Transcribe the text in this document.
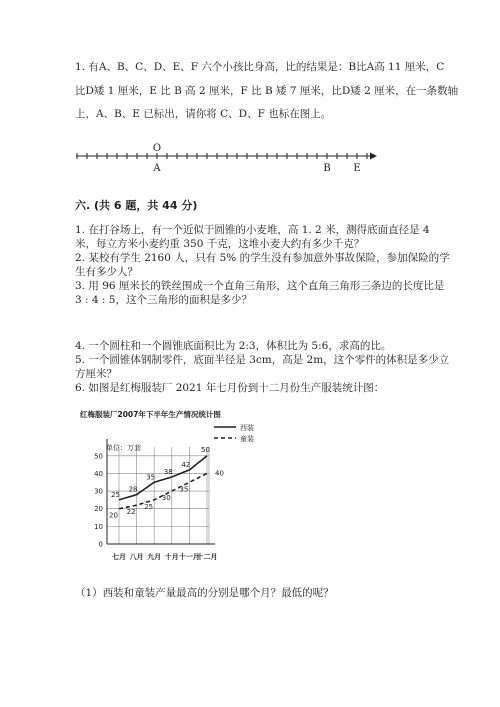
1. 有A、B、C、D、E、F 六个小孩比身高，比的结果是：B比A高 11 厘米，C
比D矮 1 厘米，E 比 B 高 2 厘米，F 比 B 矮 7 厘米，比D矮 2 厘米，在一条数轴
上，A、B、E 已标出，请你将 C、D、F 也标在图上。
O
A	B E
六. (共 6 题，共 44 分)
1. 在打谷场上，有一个近似于圆锥的小麦堆，高 1. 2 米，测得底面直径是 4
米，每立方米小麦约重 350 千克，这堆小麦大约有多少千克？
2. 某校有学生 2160 人，只有 5% 的学生没有参加意外事故保险，参加保险的学
生有多少人？
3. 用 96 厘米长的铁丝围成一个直角三角形，这个直角三角形三条边的长度比是
3 : 4 : 5，这个三角形的面积是多少？
4. 一个圆柱和一个圆锥底面积比为 2:3，体积比为 5:6，求高的比。
5. 一个圆锥体钢制零件，底面半径是 3cm，高是 2m，这个零件的体积是多少立
方厘米？
6. 如图是红梅服装厂 2021 年七月份到十二月份生产服装统计图：
红梅服装厂2007年下半年生产情况统计图
单位：万套
0
10
20
30
40
50
七月 八月 九月 十月 十一月
十二月
25
28
35
38
42
50
20 22
25
30
35
40
西装
童装
（1）西装和童装产量最高的分别是哪个月？最低的呢？
